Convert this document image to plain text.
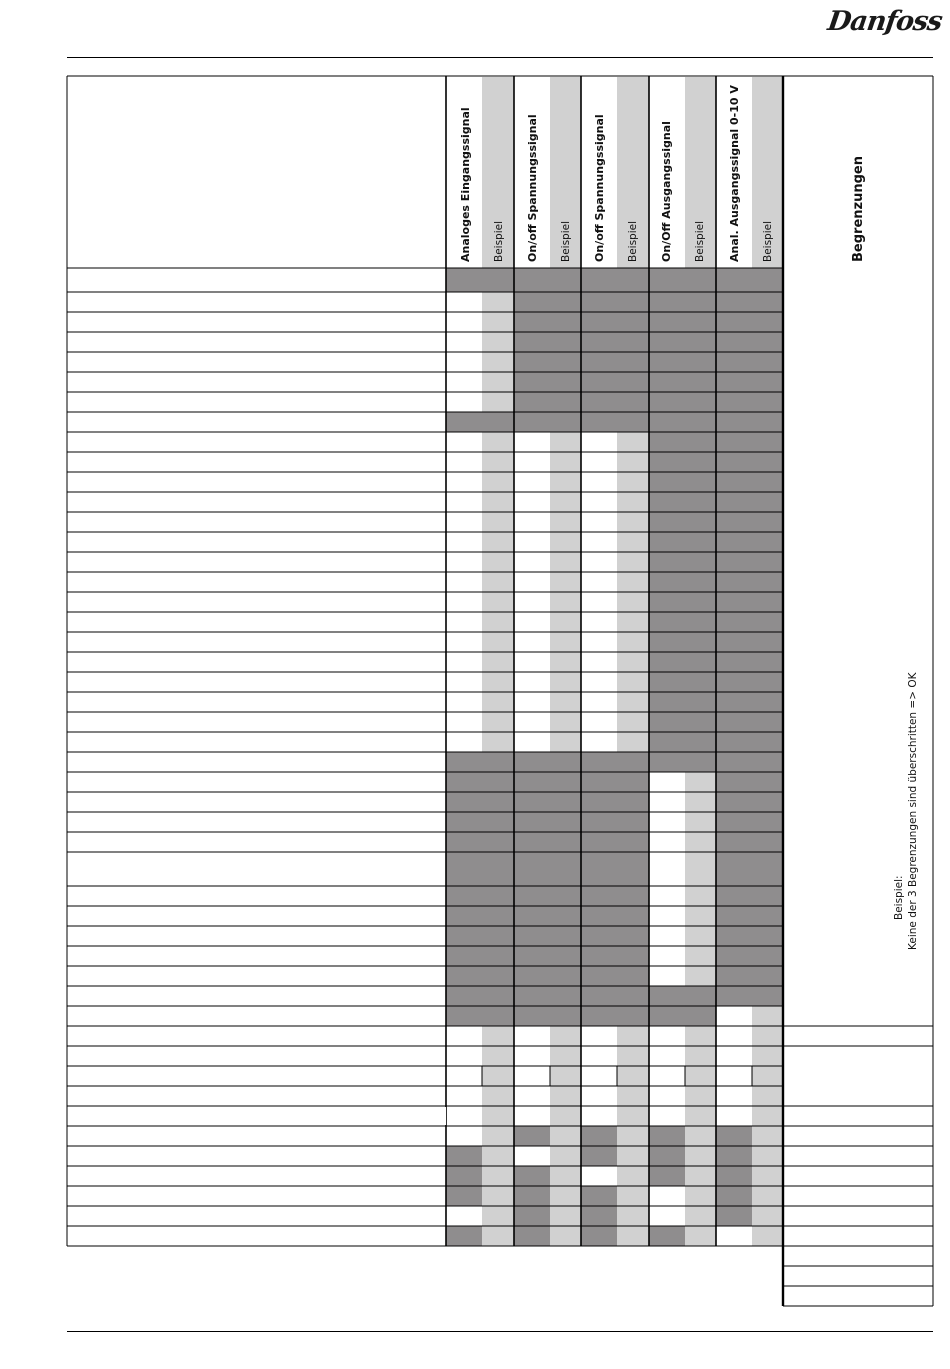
Danfoss
Analoges Eingangssignal Beispiel On/off Spannungssignal Beispiel On/off Spannungssignal Beispiel On/Off Ausgangssignal Beispiel Anal. Ausgangssignal 0-10 V Beispiel	Begrenzungen
Beispiel: Keine der 3 Begrenzungen sind überschritten => OK
